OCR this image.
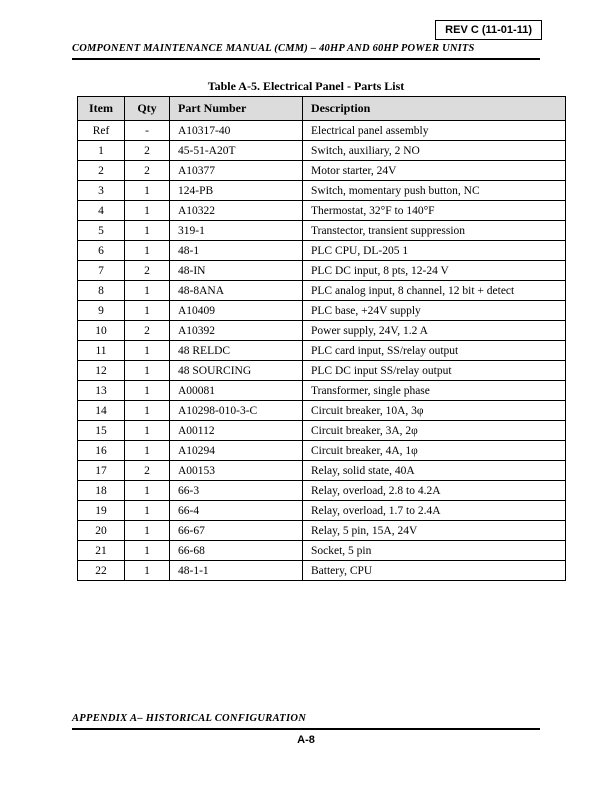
REV C (11-01-11)
COMPONENT MAINTENANCE MANUAL (CMM) – 40HP AND 60HP POWER UNITS
Table A-5. Electrical Panel - Parts List
Item	Qty	Part Number	Description
Ref	-	A10317-40	Electrical panel assembly
1	2	45-51-A20T	Switch, auxiliary, 2 NO
2	2	A10377	Motor starter, 24V
3	1	124-PB	Switch, momentary push button, NC
4	1	A10322	Thermostat, 32°F to 140°F
5	1	319-1	Transtector, transient suppression
6	1	48-1	PLC CPU, DL-205 1
7	2	48-IN	PLC DC input, 8 pts, 12-24 V
8	1	48-8ANA	PLC analog input, 8 channel, 12 bit + detect
9	1	A10409	PLC base, +24V supply
10	2	A10392	Power supply, 24V, 1.2 A
11	1	48 RELDC	PLC card input, SS/relay output
12	1	48 SOURCING	PLC DC input SS/relay output
13	1	A00081	Transformer, single phase
14	1	A10298-010-3-C	Circuit breaker, 10A, 3φ
15	1	A00112	Circuit breaker, 3A, 2φ
16	1	A10294	Circuit breaker, 4A, 1φ
17	2	A00153	Relay, solid state, 40A
18	1	66-3	Relay, overload, 2.8 to 4.2A
19	1	66-4	Relay, overload, 1.7 to 2.4A
20	1	66-67	Relay, 5 pin, 15A, 24V
21	1	66-68	Socket, 5 pin
22	1	48-1-1	Battery, CPU
APPENDIX A– HISTORICAL CONFIGURATION
A-8
